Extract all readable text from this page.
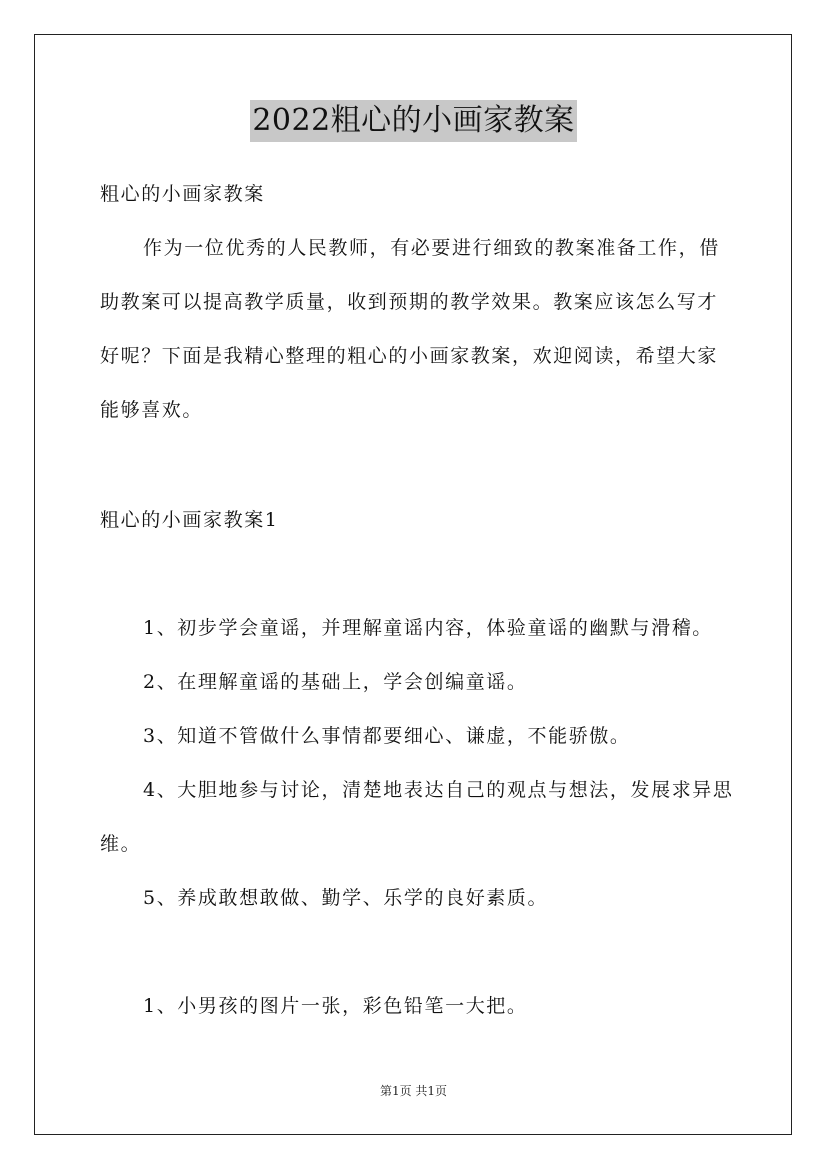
2022粗心的小画家教案
粗心的小画家教案
作为一位优秀的人民教师，有必要进行细致的教案准备工作，借
助教案可以提高教学质量，收到预期的教学效果。教案应该怎么写才
好呢？下面是我精心整理的粗心的小画家教案，欢迎阅读，希望大家
能够喜欢。
粗心的小画家教案1
1、初步学会童谣，并理解童谣内容，体验童谣的幽默与滑稽。
2、在理解童谣的基础上，学会创编童谣。
3、知道不管做什么事情都要细心、谦虚，不能骄傲。
4、大胆地参与讨论，清楚地表达自己的观点与想法，发展求异思
维。
5、养成敢想敢做、勤学、乐学的良好素质。
1、小男孩的图片一张，彩色铅笔一大把。
第1页 共1页
